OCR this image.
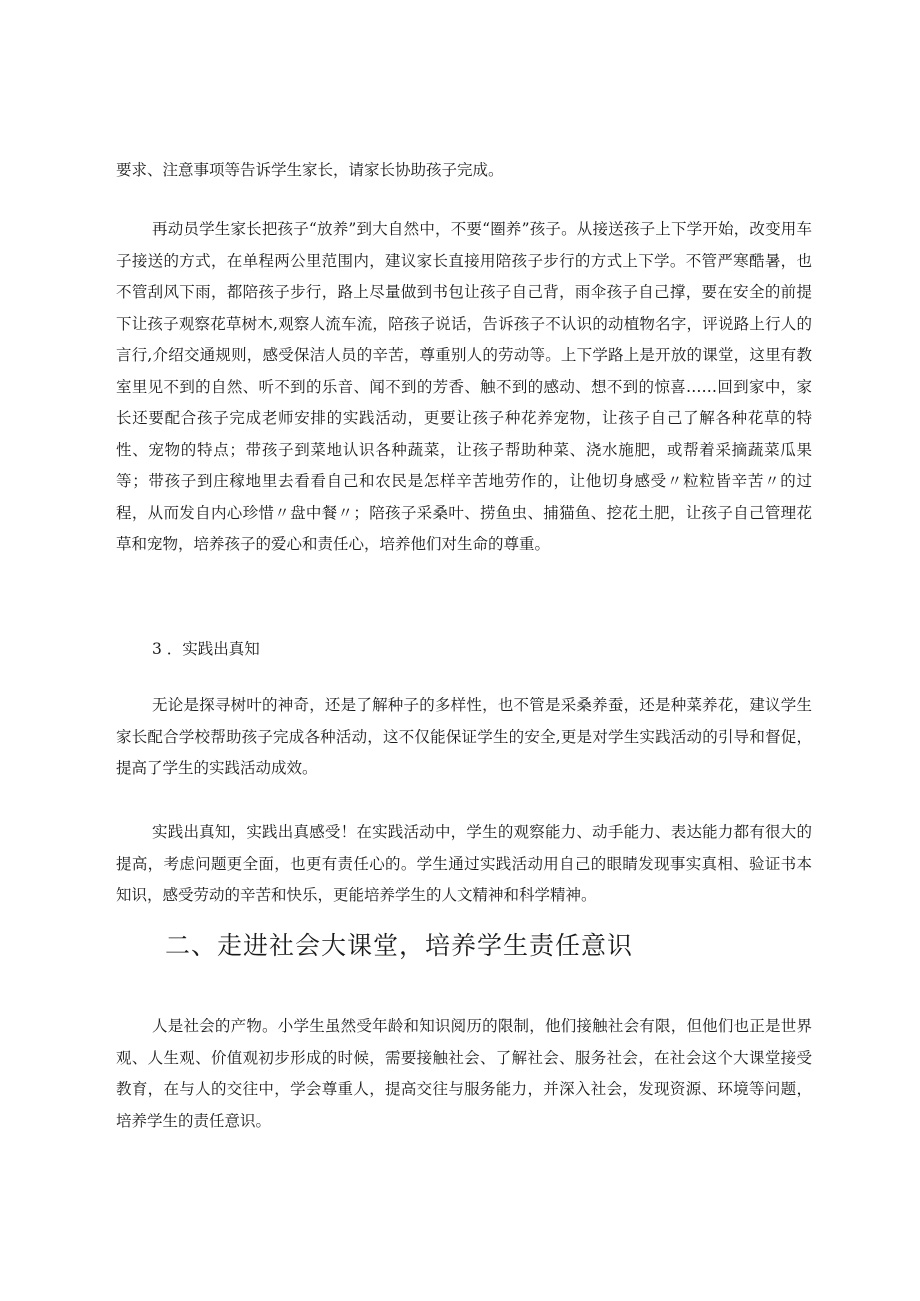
要求、注意事项等告诉学生家长，请家长协助孩子完成。

再动员学生家长把孩子“放养”到大自然中，不要“圈养”孩子。从接送孩子上下学开始，改变用车子接送的方式，在单程两公里范围内，建议家长直接用陪孩子步行的方式上下学。不管严寒酷暑，也不管刮风下雨，都陪孩子步行，路上尽量做到书包让孩子自己背，雨伞孩子自己撑，要在安全的前提下让孩子观察花草树木,观察人流车流，陪孩子说话，告诉孩子不认识的动植物名字，评说路上行人的言行,介绍交通规则，感受保洁人员的辛苦，尊重别人的劳动等。上下学路上是开放的课堂，这里有教室里见不到的自然、听不到的乐音、闻不到的芳香、触不到的感动、想不到的惊喜……回到家中，家长还要配合孩子完成老师安排的实践活动，更要让孩子种花养宠物，让孩子自己了解各种花草的特性、宠物的特点；带孩子到菜地认识各种蔬菜，让孩子帮助种菜、浇水施肥，或帮着采摘蔬菜瓜果等；带孩子到庄稼地里去看看自己和农民是怎样辛苦地劳作的，让他切身感受〃粒粒皆辛苦〃的过程，从而发自内心珍惜〃盘中餐〃；陪孩子采桑叶、捞鱼虫、捕猫鱼、挖花土肥，让孩子自己管理花草和宠物，培养孩子的爱心和责任心，培养他们对生命的尊重。

3 ．实践出真知

无论是探寻树叶的神奇，还是了解种子的多样性，也不管是采桑养蚕，还是种菜养花，建议学生家长配合学校帮助孩子完成各种活动，这不仅能保证学生的安全,更是对学生实践活动的引导和督促，提高了学生的实践活动成效。

实践出真知，实践出真感受！在实践活动中，学生的观察能力、动手能力、表达能力都有很大的提高，考虑问题更全面，也更有责任心的。学生通过实践活动用自己的眼睛发现事实真相、验证书本知识，感受劳动的辛苦和快乐，更能培养学生的人文精神和科学精神。

二、走进社会大课堂，培养学生责任意识

人是社会的产物。小学生虽然受年龄和知识阅历的限制，他们接触社会有限，但他们也正是世界观、人生观、价值观初步形成的时候，需要接触社会、了解社会、服务社会，在社会这个大课堂接受教育，在与人的交往中，学会尊重人，提高交往与服务能力，并深入社会，发现资源、环境等问题，培养学生的责任意识。
